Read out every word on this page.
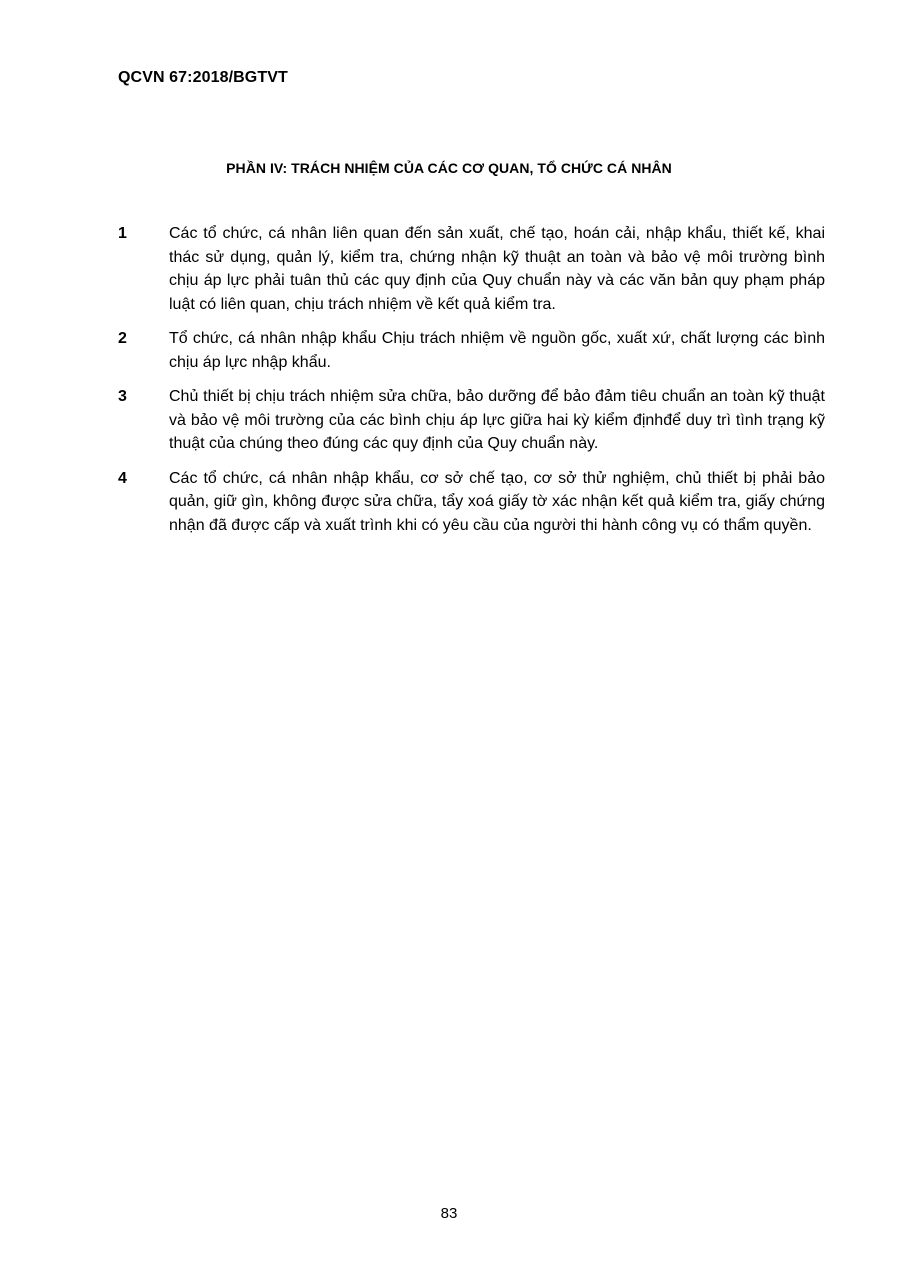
QCVN 67:2018/BGTVT
PHẦN IV: TRÁCH NHIỆM CỦA CÁC CƠ QUAN, TỔ CHỨC CÁ NHÂN
1	Các tổ chức, cá nhân liên quan đến sản xuất, chế tạo, hoán cải, nhập khẩu, thiết kế, khai thác sử dụng, quản lý, kiểm tra, chứng nhận kỹ thuật an toàn và bảo vệ môi trường bình chịu áp lực phải tuân thủ các quy định của Quy chuẩn này và các văn bản quy phạm pháp luật có liên quan, chịu trách nhiệm về kết quả kiểm tra.
2	Tổ chức, cá nhân nhập khẩu Chịu trách nhiệm về nguồn gốc, xuất xứ, chất lượng các bình chịu áp lực nhập khẩu.
3	Chủ thiết bị chịu trách nhiệm sửa chữa, bảo dưỡng để bảo đảm tiêu chuẩn an toàn kỹ thuật và bảo vệ môi trường của các bình chịu áp lực giữa hai kỳ kiểm địnhđể duy trì tình trạng kỹ thuật của chúng theo đúng các quy định của Quy chuẩn này.
4	Các tổ chức, cá nhân nhập khẩu, cơ sở chế tạo, cơ sở thử nghiệm, chủ thiết bị phải bảo quản, giữ gìn, không được sửa chữa, tẩy xoá giấy tờ xác nhận kết quả kiểm tra, giấy chứng nhận đã được cấp và xuất trình khi có yêu cầu của người thi hành công vụ có thẩm quyền.
83
